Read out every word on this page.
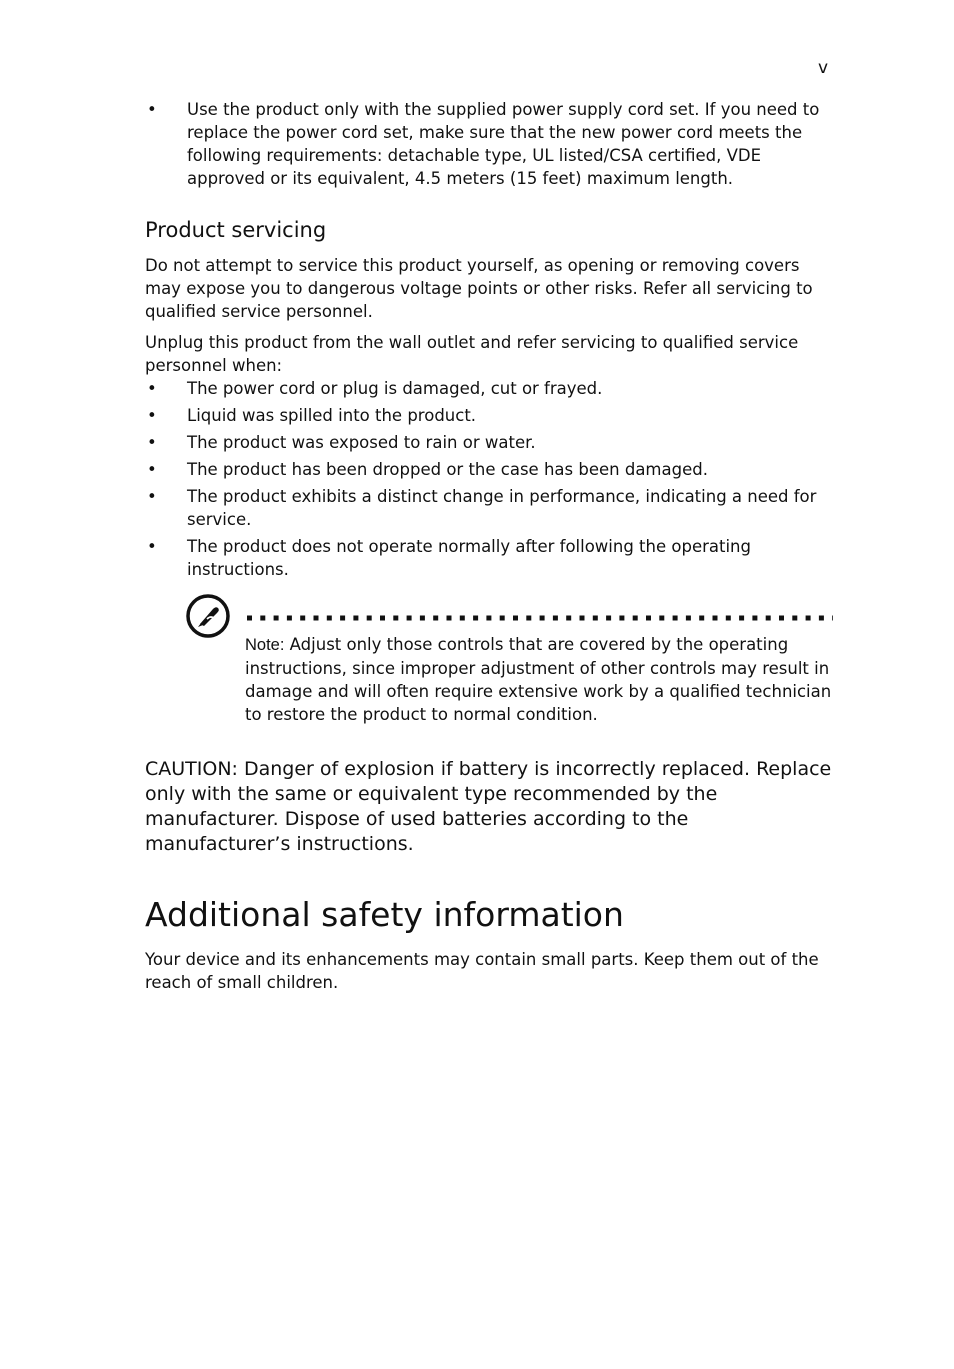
v
• Use the product only with the supplied power supply cord set. If you need to replace the power cord set, make sure that the new power cord meets the following requirements: detachable type, UL listed/CSA certified, VDE approved or its equivalent, 4.5 meters (15 feet) maximum length.
Product servicing

Do not attempt to service this product yourself, as opening or removing covers may expose you to dangerous voltage points or other risks. Refer all servicing to qualified service personnel.

Unplug this product from the wall outlet and refer servicing to qualified service personnel when:

• The power cord or plug is damaged, cut or frayed.
• Liquid was spilled into the product.
• The product was exposed to rain or water.
• The product has been dropped or the case has been damaged.
• The product exhibits a distinct change in performance, indicating a need for service.
• The product does not operate normally after following the operating instructions.
Note: Adjust only those controls that are covered by the operating instructions, since improper adjustment of other controls may result in damage and will often require extensive work by a qualified technician to restore the product to normal condition.

CAUTION: Danger of explosion if battery is incorrectly replaced. Replace only with the same or equivalent type recommended by the manufacturer. Dispose of used batteries according to the manufacturer’s instructions.

Additional safety information

Your device and its enhancements may contain small parts. Keep them out of the reach of small children.
